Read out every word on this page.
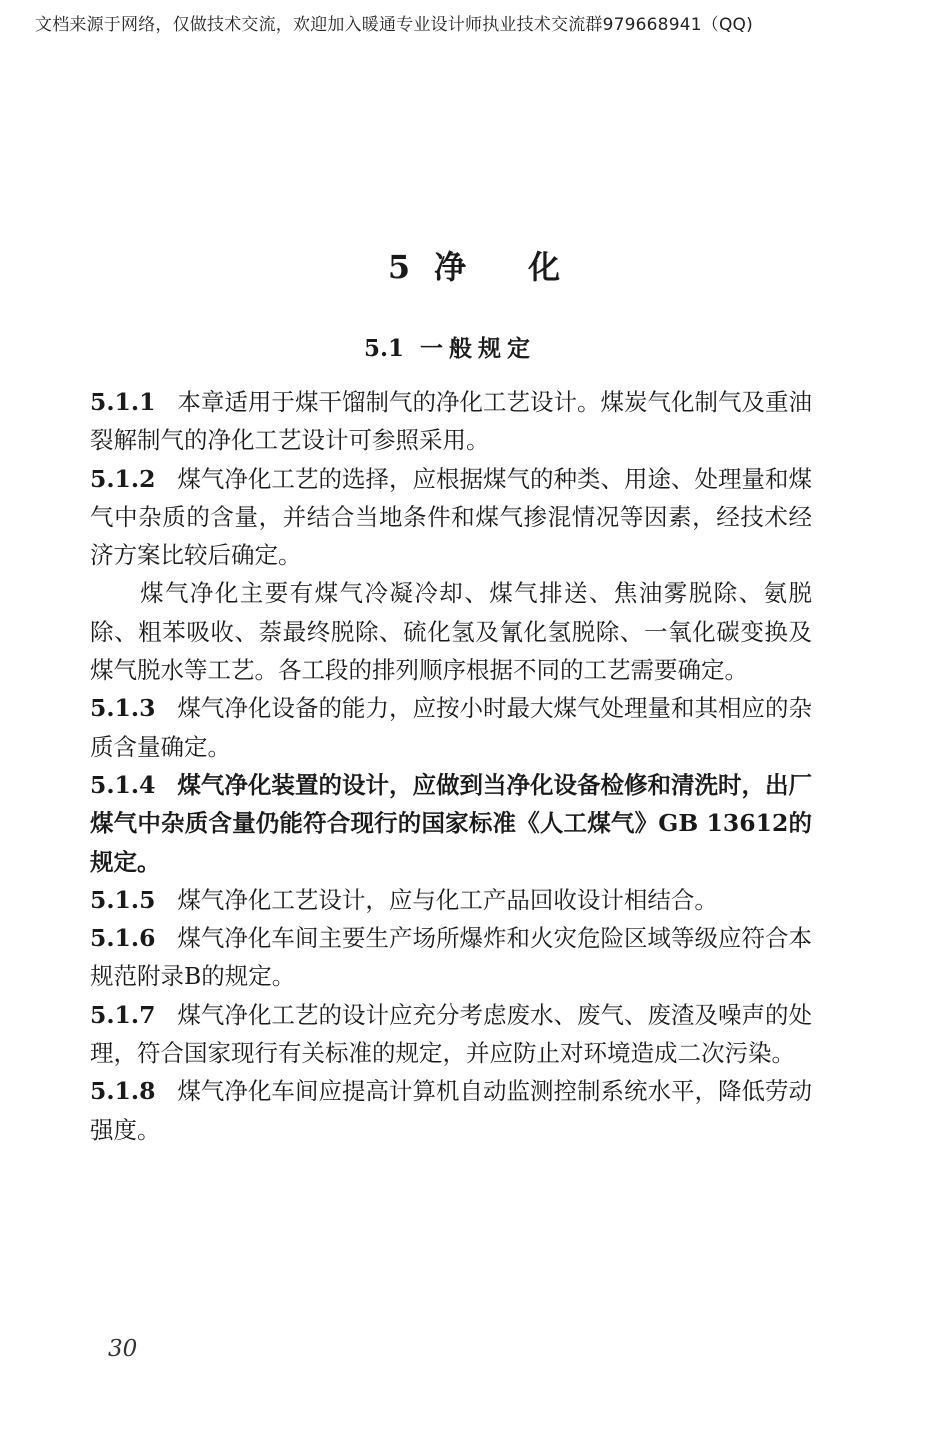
文档来源于网络，仅做技术交流，欢迎加入暖通专业设计师执业技术交流群979668941（QQ)
5 净 化
5.1 一般规定

5.1.1 本章适用于煤干馏制气的净化工艺设计。煤炭气化制气及重油裂解制气的净化工艺设计可参照采用。

5.1.2 煤气净化工艺的选择，应根据煤气的种类、用途、处理量和煤气中杂质的含量，并结合当地条件和煤气掺混情况等因素，经技术经济方案比较后确定。

煤气净化主要有煤气冷凝冷却、煤气排送、焦油雾脱除、氨脱除、粗苯吸收、萘最终脱除、硫化氢及氰化氢脱除、一氧化碳变换及煤气脱水等工艺。各工段的排列顺序根据不同的工艺需要确定。

5.1.3 煤气净化设备的能力，应按小时最大煤气处理量和其相应的杂质含量确定。

5.1.4 煤气净化装置的设计，应做到当净化设备检修和清洗时，出厂煤气中杂质含量仍能符合现行的国家标准《人工煤气》GB 13612的规定。

5.1.5 煤气净化工艺设计，应与化工产品回收设计相结合。

5.1.6 煤气净化车间主要生产场所爆炸和火灾危险区域等级应符合本规范附录B的规定。

5.1.7 煤气净化工艺的设计应充分考虑废水、废气、废渣及噪声的处理，符合国家现行有关标准的规定，并应防止对环境造成二次污染。

5.1.8 煤气净化车间应提高计算机自动监测控制系统水平，降低劳动强度。

30
